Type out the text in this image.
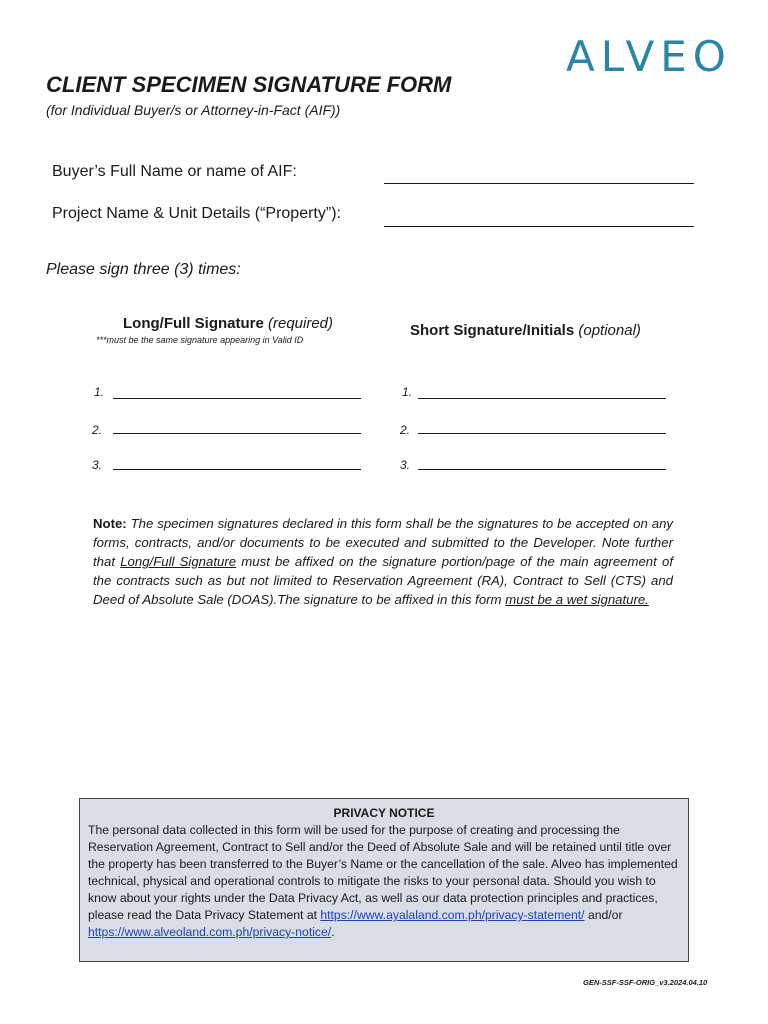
ALVEO
CLIENT SPECIMEN SIGNATURE FORM
(for Individual Buyer/s or Attorney-in-Fact (AIF))
Buyer’s Full Name or name of AIF:
Project Name & Unit Details (“Property”):
Please sign three (3) times:
Long/Full Signature (required)
***must be the same signature appearing in Valid ID
1.
2.
3.
Short Signature/Initials (optional)
1.
2.
3.
Note: The specimen signatures declared in this form shall be the signatures to be accepted on any forms, contracts, and/or documents to be executed and submitted to the Developer. Note further that Long/Full Signature must be affixed on the signature portion/page of the main agreement of the contracts such as but not limited to Reservation Agreement (RA), Contract to Sell (CTS) and Deed of Absolute Sale (DOAS).The signature to be affixed in this form must be a wet signature.
PRIVACY NOTICE
The personal data collected in this form will be used for the purpose of creating and processing the Reservation Agreement, Contract to Sell and/or the Deed of Absolute Sale and will be retained until title over the property has been transferred to the Buyer’s Name or the cancellation of the sale. Alveo has implemented technical, physical and operational controls to mitigate the risks to your personal data. Should you wish to know about your rights under the Data Privacy Act, as well as our data protection principles and practices, please read the Data Privacy Statement at https://www.ayalaland.com.ph/privacy-statement/ and/or
https://www.alveoland.com.ph/privacy-notice/.
GEN-SSF-SSF-ORIG_v3.2024.04.10
